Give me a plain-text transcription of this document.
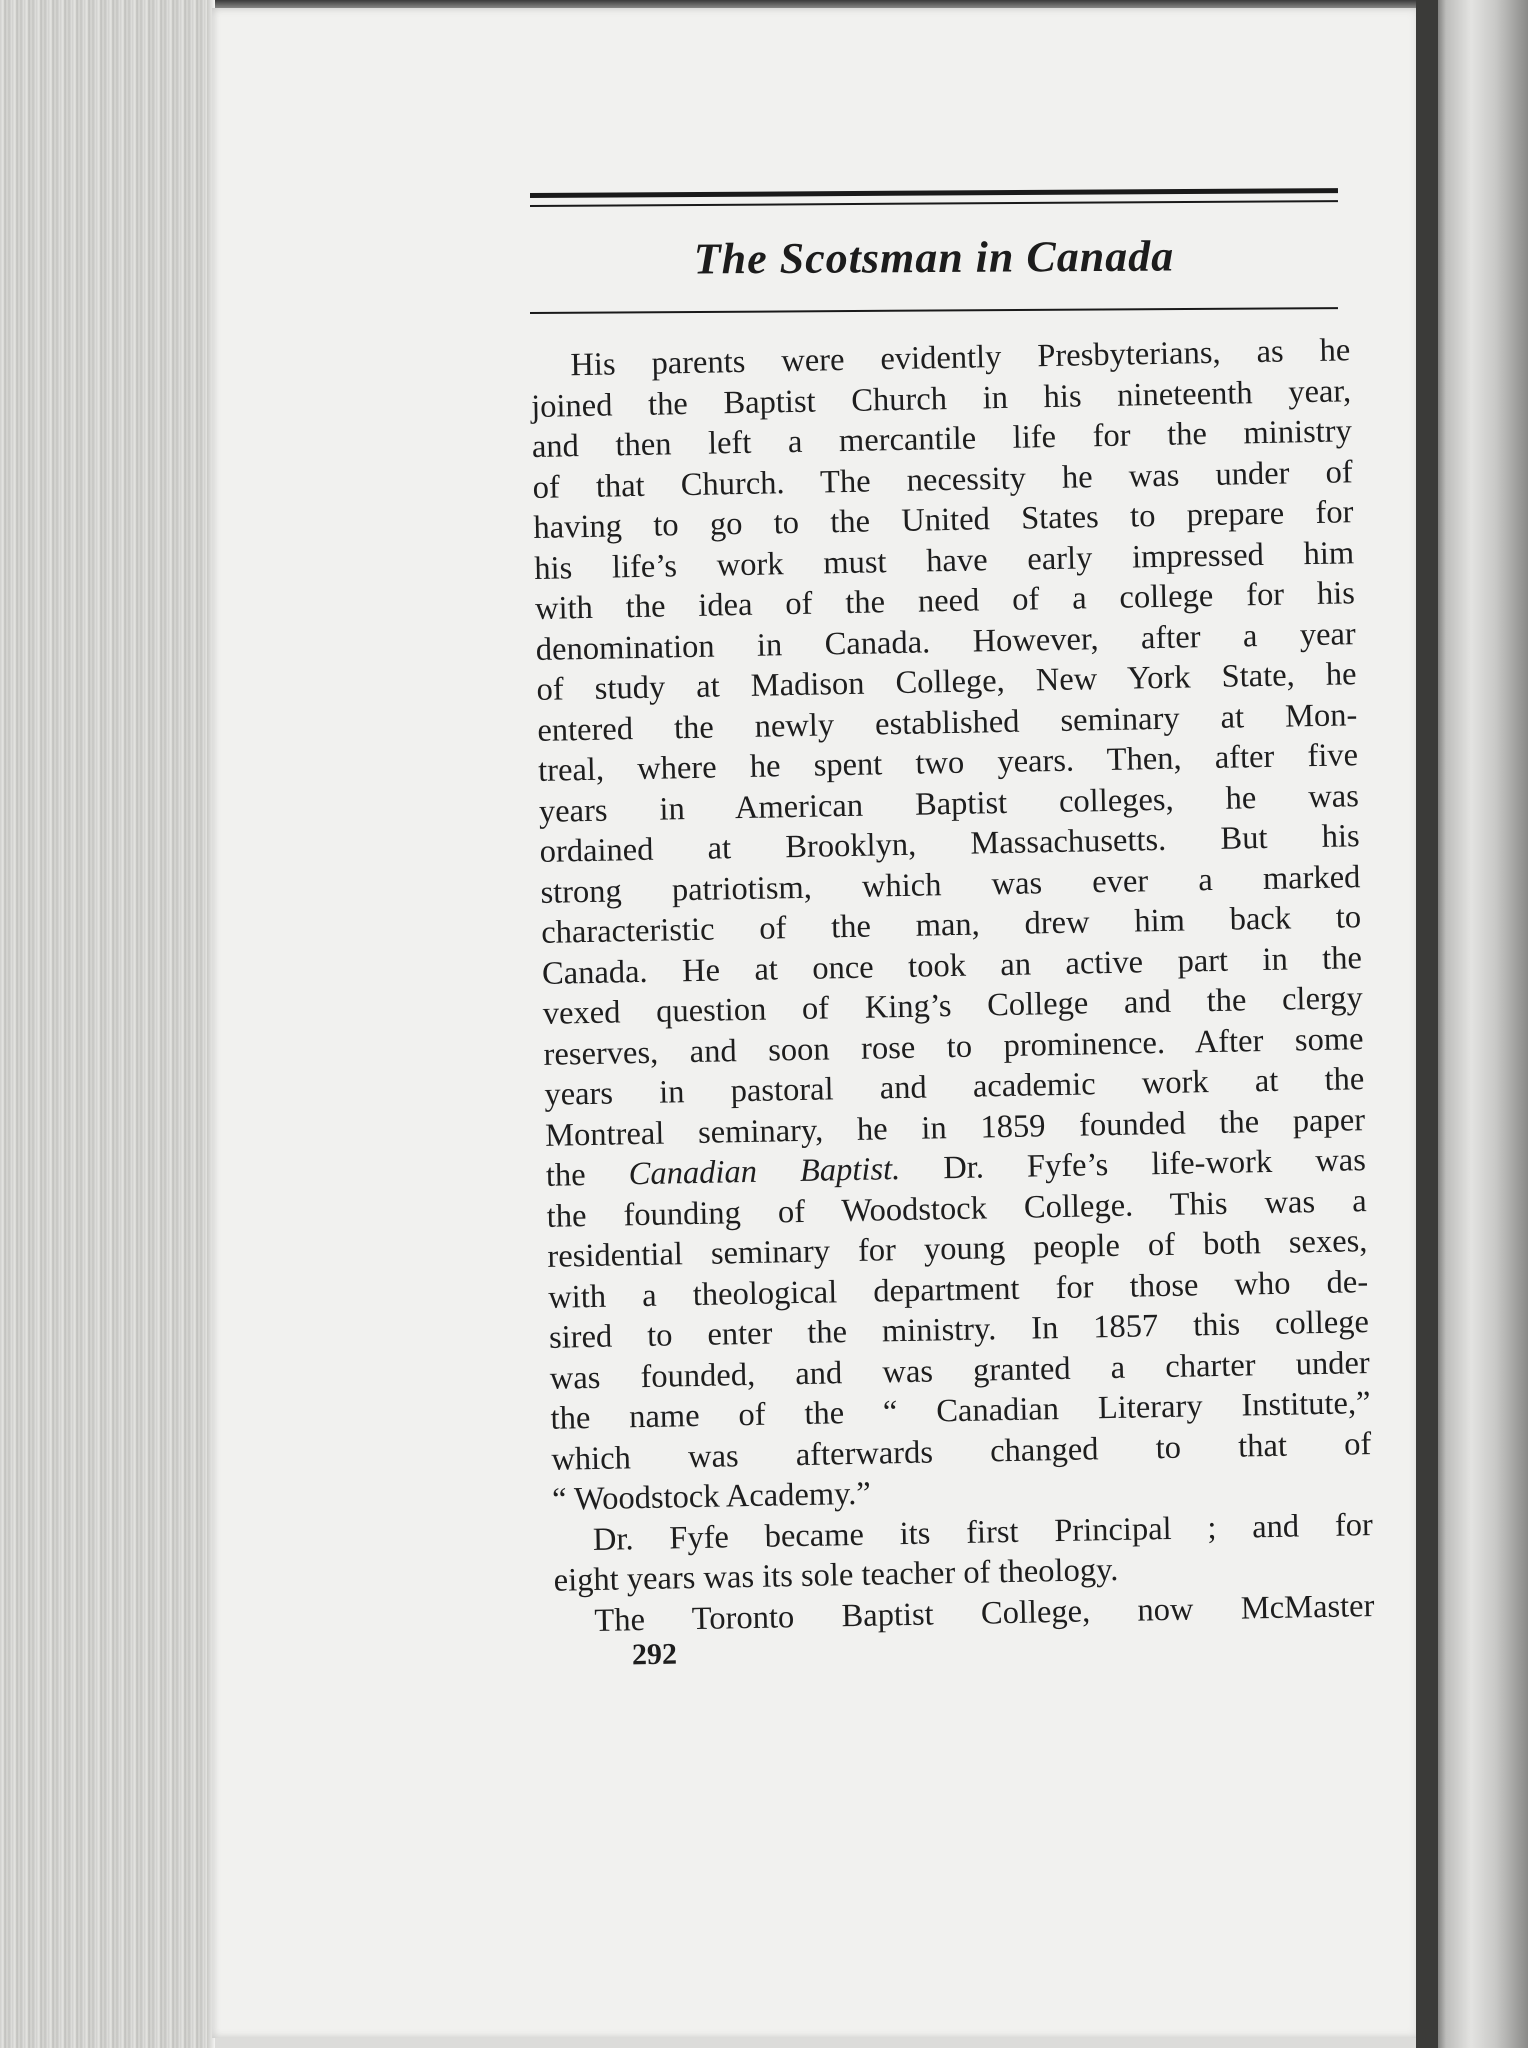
The Scotsman in Canada
His parents were evidently Presbyterians, as he
joined the Baptist Church in his nineteenth year,
and then left a mercantile life for the ministry
of that Church. The necessity he was under of
having to go to the United States to prepare for
his life’s work must have early impressed him
with the idea of the need of a college for his
denomination in Canada. However, after a year
of study at Madison College, New York State, he
entered the newly established seminary at Mon-
treal, where he spent two years. Then, after five
years in American Baptist colleges, he was
ordained at Brooklyn, Massachusetts. But his
strong patriotism, which was ever a marked
characteristic of the man, drew him back to
Canada. He at once took an active part in the
vexed question of King’s College and the clergy
reserves, and soon rose to prominence. After some
years in pastoral and academic work at the
Montreal seminary, he in 1859 founded the paper
the Canadian Baptist. Dr. Fyfe’s life-work was
the founding of Woodstock College. This was a
residential seminary for young people of both sexes,
with a theological department for those who de-
sired to enter the ministry. In 1857 this college
was founded, and was granted a charter under
the name of the “ Canadian Literary Institute,”
which was afterwards changed to that of
“ Woodstock Academy.”
Dr. Fyfe became its first Principal ; and for
eight years was its sole teacher of theology.
The Toronto Baptist College, now McMaster
292
